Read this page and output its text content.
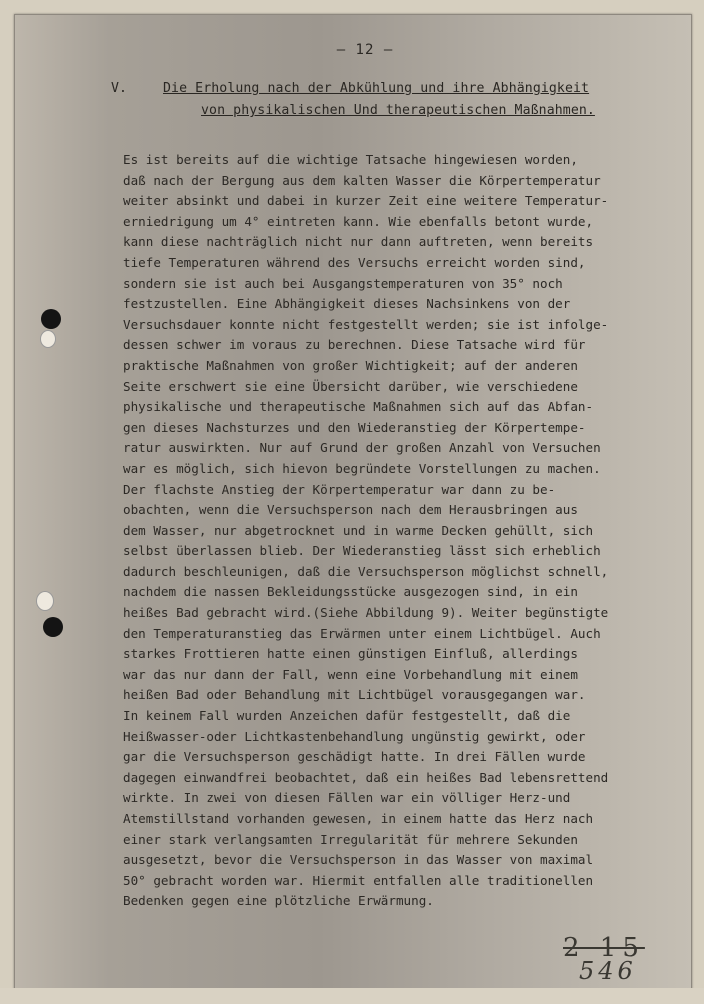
— 12 —
V.	Die Erholung nach der Abkühlung und ihre Abhängigkeit
von physikalischen Und therapeutischen Maßnahmen.
Es ist bereits auf die wichtige Tatsache hingewiesen worden,
daß nach der Bergung aus dem kalten Wasser die Körpertemperatur
weiter absinkt und dabei in kurzer Zeit eine weitere Temperatur-
erniedrigung um 4° eintreten kann. Wie ebenfalls betont wurde,
kann diese nachträglich nicht nur dann auftreten, wenn bereits
tiefe Temperaturen während des Versuchs erreicht worden sind,
sondern sie ist auch bei Ausgangstemperaturen von 35° noch
festzustellen. Eine Abhängigkeit dieses Nachsinkens von der
Versuchsdauer konnte nicht festgestellt werden; sie ist infolge-
dessen schwer im voraus zu berechnen. Diese Tatsache wird für
praktische Maßnahmen von großer Wichtigkeit; auf der anderen
Seite erschwert sie eine Übersicht darüber, wie verschiedene
physikalische und therapeutische Maßnahmen sich auf das Abfan-
gen dieses Nachsturzes und den Wiederanstieg der Körpertempe-
ratur auswirkten. Nur auf Grund der großen Anzahl von Versuchen
war es möglich, sich hievon begründete Vorstellungen zu machen.
Der flachste Anstieg der Körpertemperatur war dann zu be-
obachten, wenn die Versuchsperson nach dem Herausbringen aus
dem Wasser, nur abgetrocknet und in warme Decken gehüllt, sich
selbst überlassen blieb. Der Wiederanstieg lässt sich erheblich
dadurch beschleunigen, daß die Versuchsperson möglichst schnell,
nachdem die nassen Bekleidungsstücke ausgezogen sind, in ein
heißes Bad gebracht wird.(Siehe Abbildung 9). Weiter begünstigte
den Temperaturanstieg das Erwärmen unter einem Lichtbügel. Auch
starkes Frottieren hatte einen günstigen Einfluß, allerdings
war das nur dann der Fall, wenn eine Vorbehandlung mit einem
heißen Bad oder Behandlung mit Lichtbügel vorausgegangen war.
In keinem Fall wurden Anzeichen dafür festgestellt, daß die
Heißwasser-oder Lichtkastenbehandlung ungünstig gewirkt, oder
gar die Versuchsperson geschädigt hatte. In drei Fällen wurde
dagegen einwandfrei beobachtet, daß ein heißes Bad lebensrettend
wirkte. In zwei von diesen Fällen war ein völliger Herz-und
Atemstillstand vorhanden gewesen, in einem hatte das Herz nach
einer stark verlangsamten Irregularität für mehrere Sekunden
ausgesetzt, bevor die Versuchsperson in das Wasser von maximal
50° gebracht worden war. Hiermit entfallen alle traditionellen
Bedenken gegen eine plötzliche Erwärmung.
2 15
546
